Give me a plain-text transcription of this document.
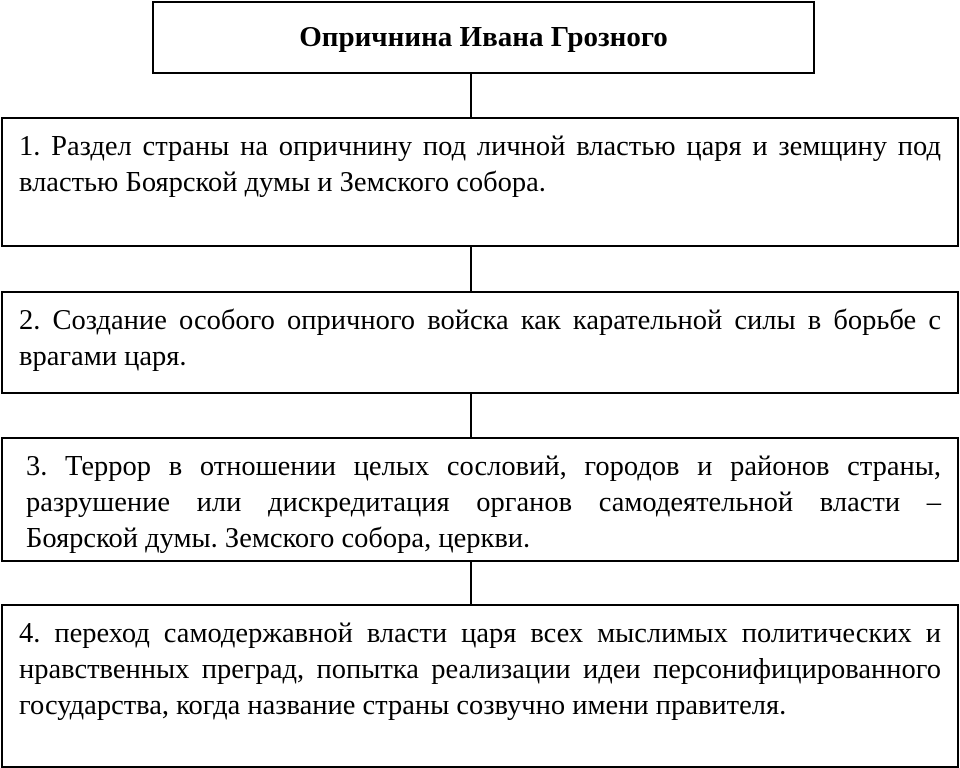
Опричнина Ивана Грозного
1. Раздел страны на опричнину под личной властью царя и земщину под властью Боярской думы и Земского собора.
2. Создание особого опричного войска как карательной силы в борьбе с врагами царя.
3. Террор в отношении целых сословий, городов и районов страны, разрушение или дискредитация органов самодеятельной власти – Боярской думы. Земского собора, церкви.
4. переход самодержавной власти царя всех мыслимых политических и нравственных преград, попытка реализации идеи персонифицированного государства, когда название страны созвучно имени правителя.
